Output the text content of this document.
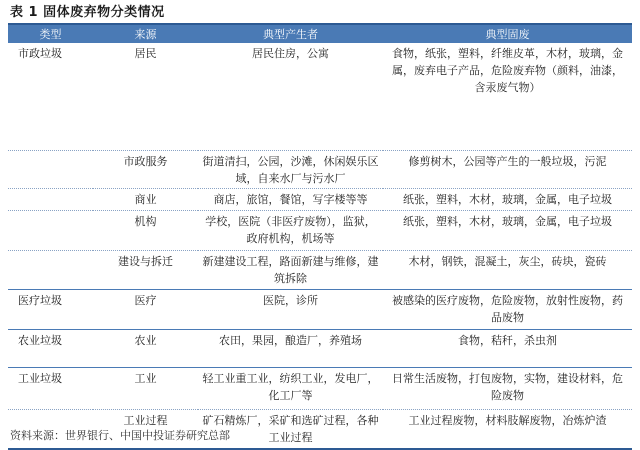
表 1 固体废弃物分类情况
类型	来源	典型产生者	典型固废
市政垃圾	居民	居民住房，公寓	食物，纸张，塑料，纤维皮革，木材，玻璃，金属，废弃电子产品，危险废弃物（颜料，油漆，含汞废气物）
	市政服务	街道清扫，公园，沙滩，休闲娱乐区域，自来水厂与污水厂	修剪树木，公园等产生的一般垃圾，污泥
	商业	商店，旅馆，餐馆，写字楼等等	纸张，塑料，木材，玻璃，金属，电子垃圾
	机构	学校，医院（非医疗废物），监狱，政府机构，机场等	纸张，塑料，木材，玻璃，金属，电子垃圾
	建设与拆迁	新建建设工程，路面新建与维修，建筑拆除	木材，钢铁，混凝土，灰尘，砖块，瓷砖
医疗垃圾	医疗	医院，诊所	被感染的医疗废物，危险废物，放射性废物，药品废物
农业垃圾	农业	农田，果园，酿造厂，养殖场	食物，秸秆，杀虫剂
工业垃圾	工业	轻工业重工业，纺织工业，发电厂，化工厂等	日常生活废物，打包废物，实物，建设材料，危险废物
	工业过程	矿石精炼厂，采矿和选矿过程，各种工业过程	工业过程废物，材料肢解废物，冶炼炉渣
资料来源：世界银行、中国中投证券研究总部
